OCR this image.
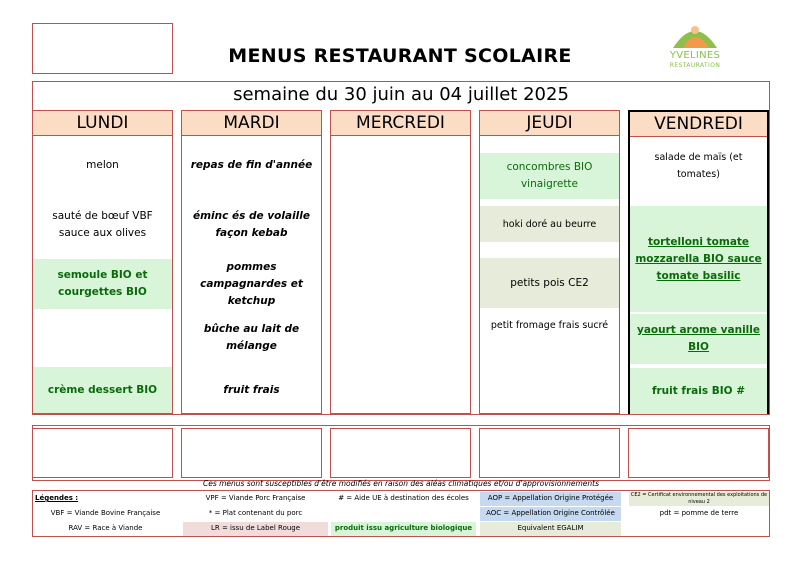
MENUS RESTAURANT SCOLAIRE	YVELINES
RESTAURATION
semaine du 30 juin au 04 juillet 2025
LUNDI
melon
sauté de bœuf VBF sauce aux olives
semoule BIO et courgettes BIO
crème dessert BIO
MARDI
repas de fin d'année
éminc és de volaille façon kebab
pommes campagnardes et ketchup
bûche au lait de mélange
fruit frais
MERCREDI	JEUDI
concombres BIO vinaigrette
hoki doré au beurre
petits pois CE2
petit fromage frais sucré
VENDREDI
salade de maïs (et tomates)
tortelloni tomate mozzarella BIO sauce tomate basilic
yaourt arome vanille BIO
fruit frais BIO #
Ces menus sont susceptibles d'être modifiés en raison des aléas climatiques et/ou d'approvisionnements
Légendes :
VBF = Viande Bovine Française
RAV = Race à Viande
VPF = Viande Porc Française
* = Plat contenant du porc
LR = issu de Label Rouge
# = Aide UE à destination des écoles
produit issu agriculture biologique
AOP = Appellation Origine Protégée
AOC = Appellation Origine Contrôlée
Equivalent EGALIM
CE2 = Certificat environnemental des exploitations de niveau 2
pdt = pomme de terre
